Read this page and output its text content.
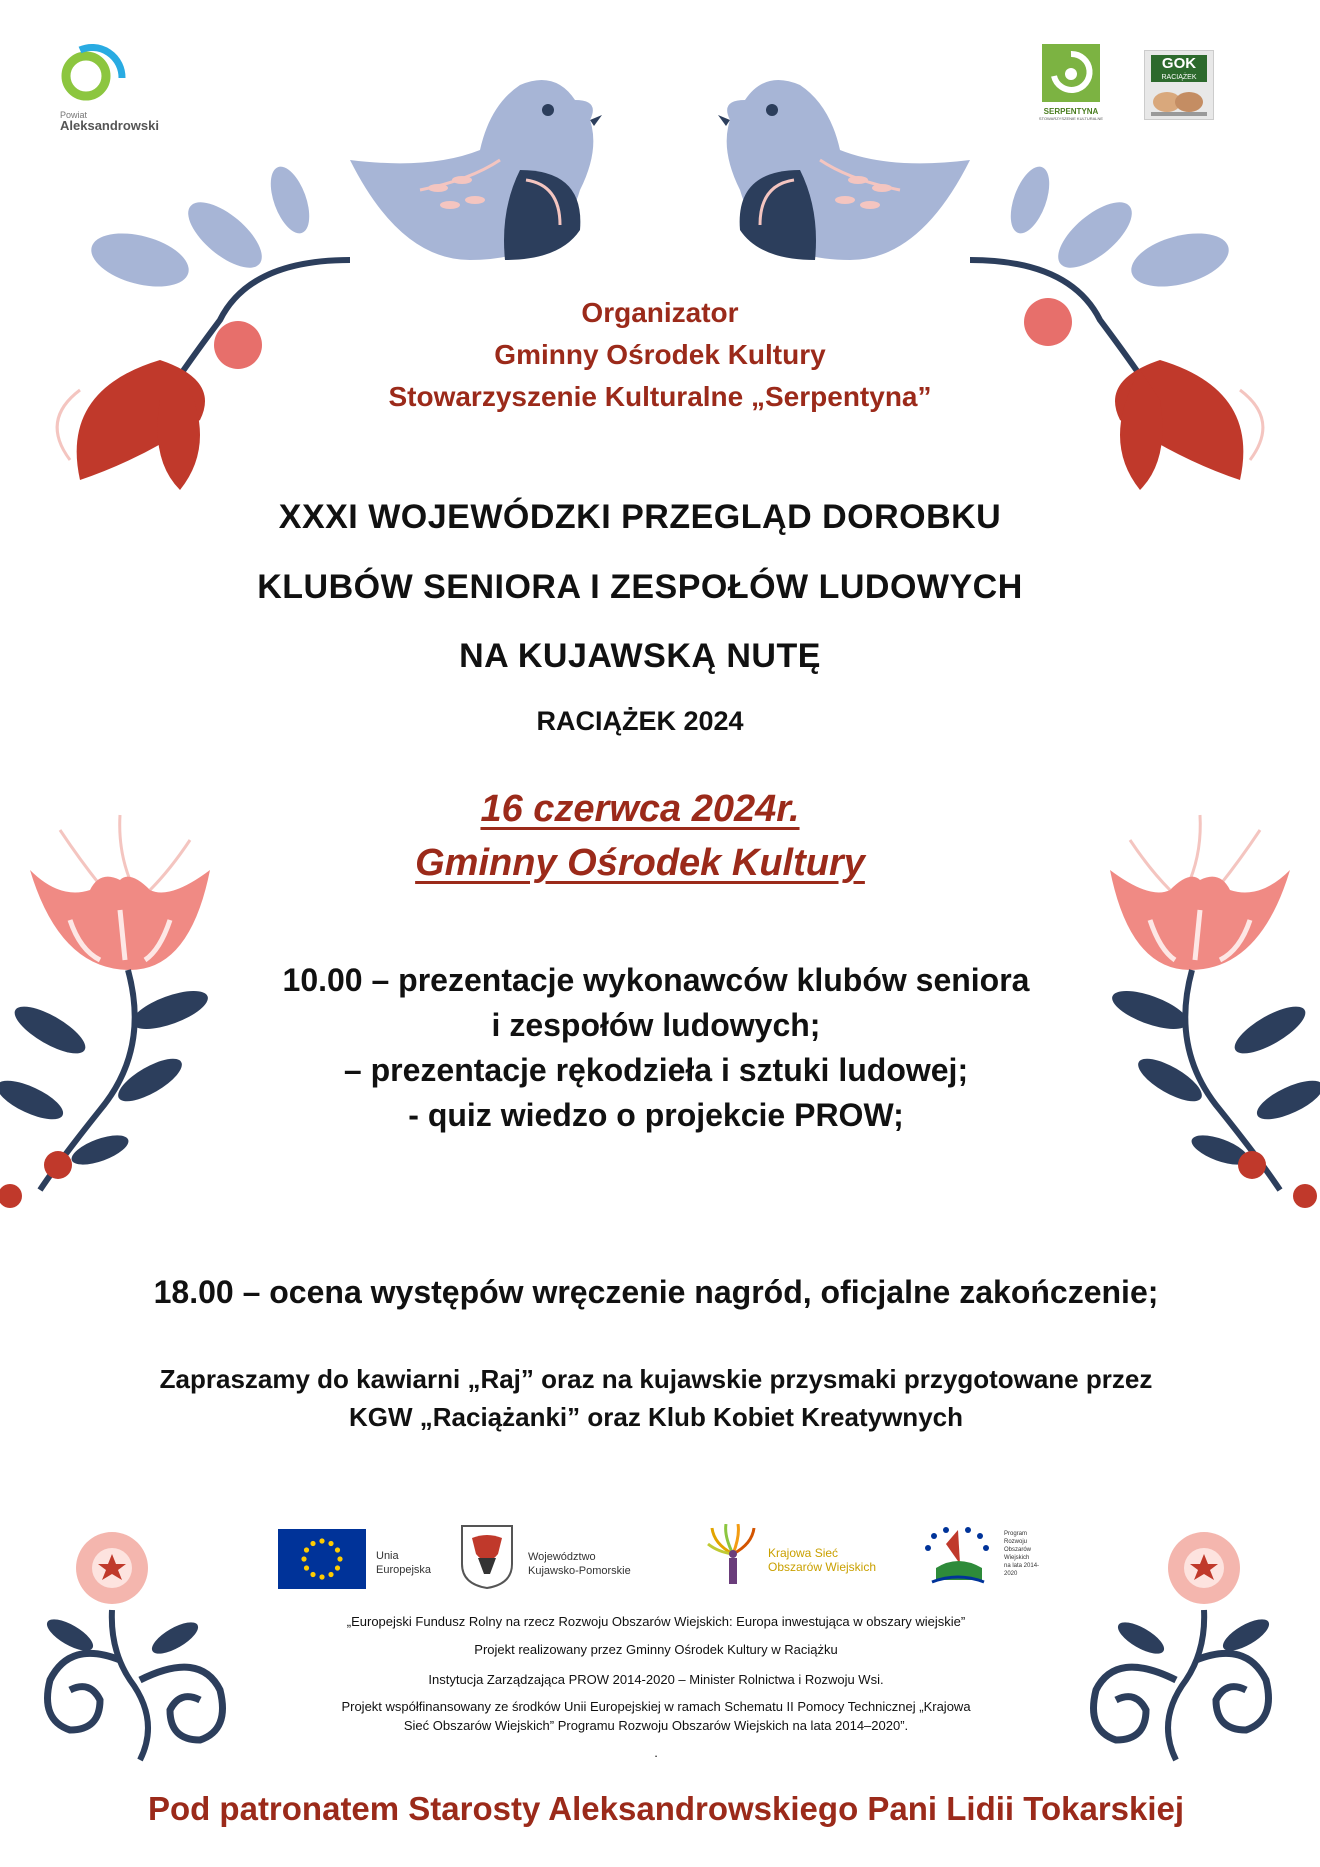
Powiat
Aleksandrowski
SERPENTYNA
STOWARZYSZENIE KULTURALNE
GOK
RACIĄŻEK
Organizator
Gminny Ośrodek Kultury
Stowarzyszenie Kulturalne „Serpentyna”
XXXI WOJEWÓDZKI PRZEGLĄD DOROBKU
KLUBÓW SENIORA I ZESPOŁÓW LUDOWYCH
NA KUJAWSKĄ NUTĘ
RACIĄŻEK 2024
16 czerwca 2024r.
Gminny Ośrodek Kultury
10.00 – prezentacje wykonawców klubów seniora
i zespołów ludowych;
– prezentacje rękodzieła i sztuki ludowej;
- quiz wiedzo o projekcie PROW;
18.00 – ocena występów wręczenie nagród, oficjalne zakończenie;
Zapraszamy do kawiarni „Raj” oraz na kujawskie przysmaki przygotowane przez
KGW „Raciążanki” oraz Klub Kobiet Kreatywnych
Unia
Europejska
Województwo
Kujawsko-Pomorskie
Krajowa Sieć
Obszarów Wiejskich
Program
Rozwoju
Obszarów
Wiejskich
na lata 2014-2020
„Europejski Fundusz Rolny na rzecz Rozwoju Obszarów Wiejskich: Europa inwestująca w obszary wiejskie”
Projekt realizowany przez Gminny Ośrodek Kultury w Raciążku
Instytucja Zarządzająca PROW 2014-2020 – Minister Rolnictwa i Rozwoju Wsi.
Projekt współfinansowany ze środków Unii Europejskiej w ramach Schematu II Pomocy Technicznej „Krajowa
Sieć Obszarów Wiejskich” Programu Rozwoju Obszarów Wiejskich na lata 2014–2020”.
.
Pod patronatem Starosty Aleksandrowskiego Pani Lidii Tokarskiej
